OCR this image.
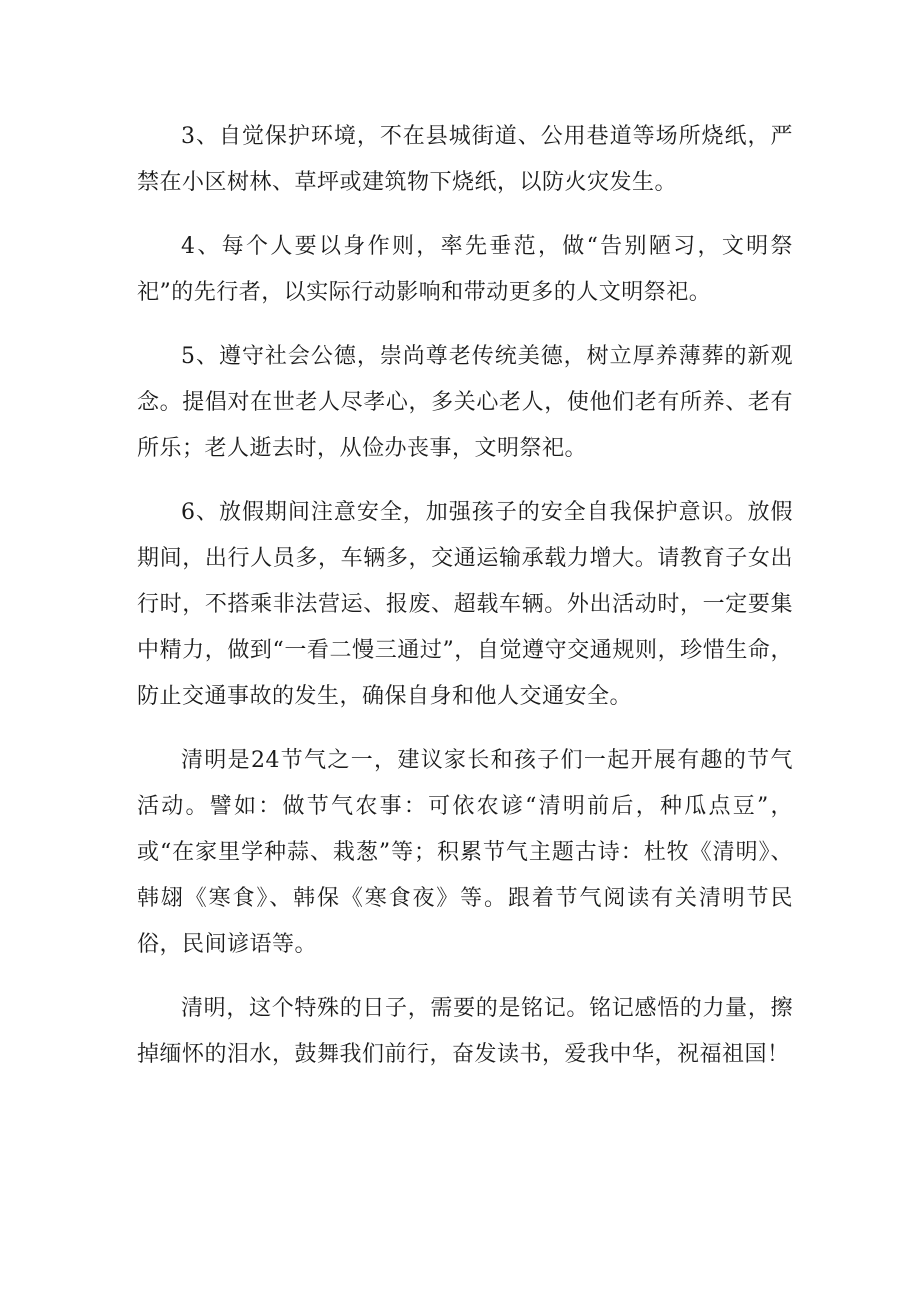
3、自觉保护环境，不在县城街道、公用巷道等场所烧纸，严禁在小区树林、草坪或建筑物下烧纸，以防火灾发生。

4、每个人要以身作则，率先垂范，做“告别陋习，文明祭祀”的先行者，以实际行动影响和带动更多的人文明祭祀。

5、遵守社会公德，崇尚尊老传统美德，树立厚养薄葬的新观念。提倡对在世老人尽孝心，多关心老人，使他们老有所养、老有所乐；老人逝去时，从俭办丧事，文明祭祀。

6、放假期间注意安全，加强孩子的安全自我保护意识。放假期间，出行人员多，车辆多，交通运输承载力增大。请教育子女出行时，不搭乘非法营运、报废、超载车辆。外出活动时，一定要集中精力，做到“一看二慢三通过”，自觉遵守交通规则，珍惜生命，防止交通事故的发生，确保自身和他人交通安全。

清明是24节气之一，建议家长和孩子们一起开展有趣的节气活动。譬如：做节气农事：可依农谚“清明前后，种瓜点豆”，或“在家里学种蒜、栽葱”等；积累节气主题古诗：杜牧《清明》、韩翃《寒食》、韩保《寒食夜》等。跟着节气阅读有关清明节民俗，民间谚语等。

清明，这个特殊的日子，需要的是铭记。铭记感悟的力量，擦掉缅怀的泪水，鼓舞我们前行，奋发读书，爱我中华，祝福祖国！
